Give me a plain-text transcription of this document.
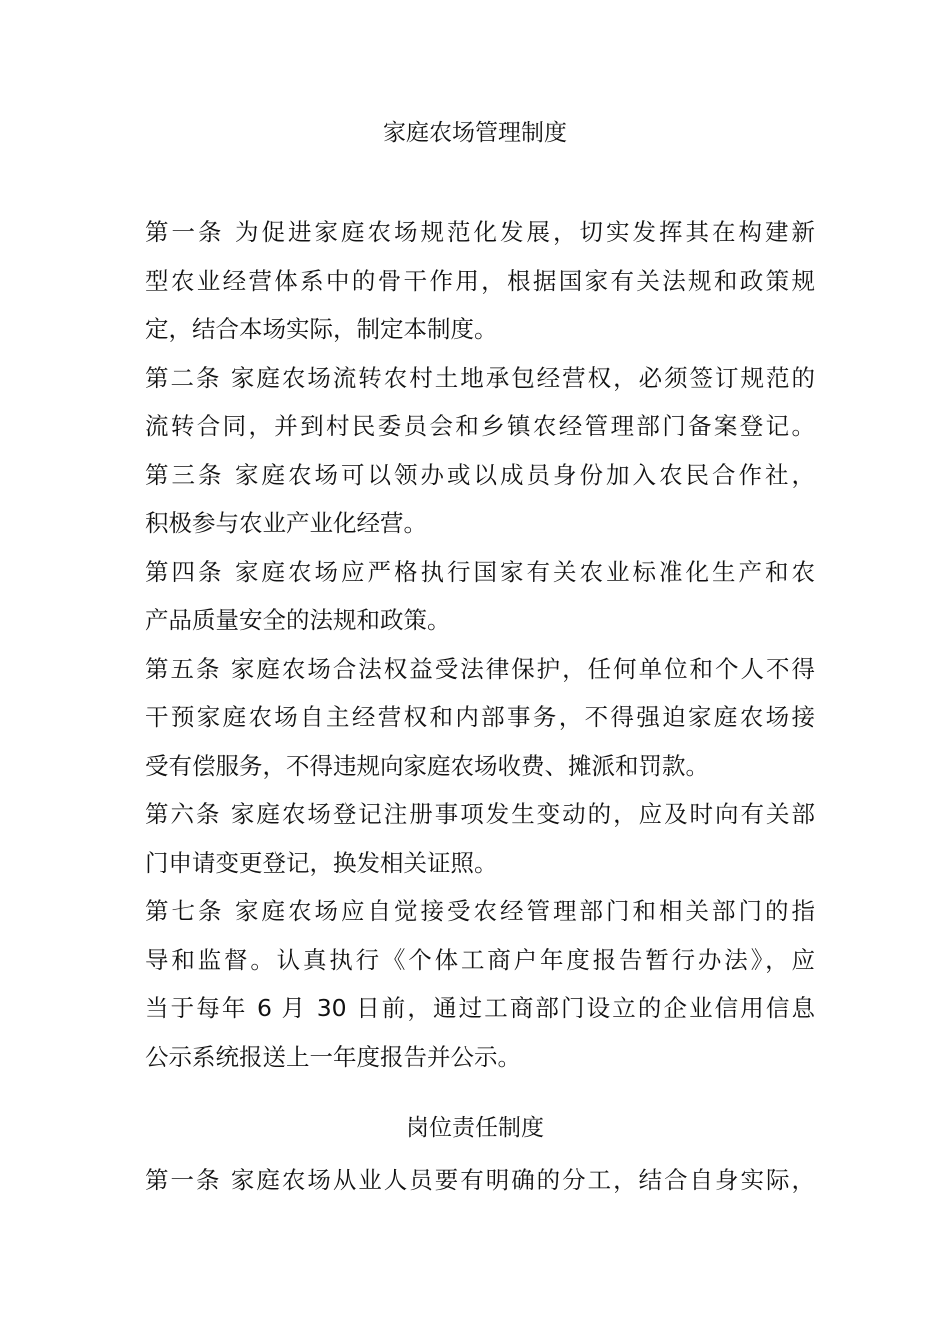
家庭农场管理制度
第一条 为促进家庭农场规范化发展，切实发挥其在构建新
型农业经营体系中的骨干作用，根据国家有关法规和政策规
定，结合本场实际，制定本制度。
第二条 家庭农场流转农村土地承包经营权，必须签订规范的
流转合同，并到村民委员会和乡镇农经管理部门备案登记。
第三条 家庭农场可以领办或以成员身份加入农民合作社，
积极参与农业产业化经营。
第四条 家庭农场应严格执行国家有关农业标准化生产和农
产品质量安全的法规和政策。
第五条 家庭农场合法权益受法律保护，任何单位和个人不得
干预家庭农场自主经营权和内部事务，不得强迫家庭农场接
受有偿服务，不得违规向家庭农场收费、摊派和罚款。
第六条 家庭农场登记注册事项发生变动的，应及时向有关部
门申请变更登记，换发相关证照。
第七条 家庭农场应自觉接受农经管理部门和相关部门的指
导和监督。认真执行《个体工商户年度报告暂行办法》，应
当于每年 6 月 30 日前，通过工商部门设立的企业信用信息
公示系统报送上一年度报告并公示。
岗位责任制度
第一条 家庭农场从业人员要有明确的分工，结合自身实际，
